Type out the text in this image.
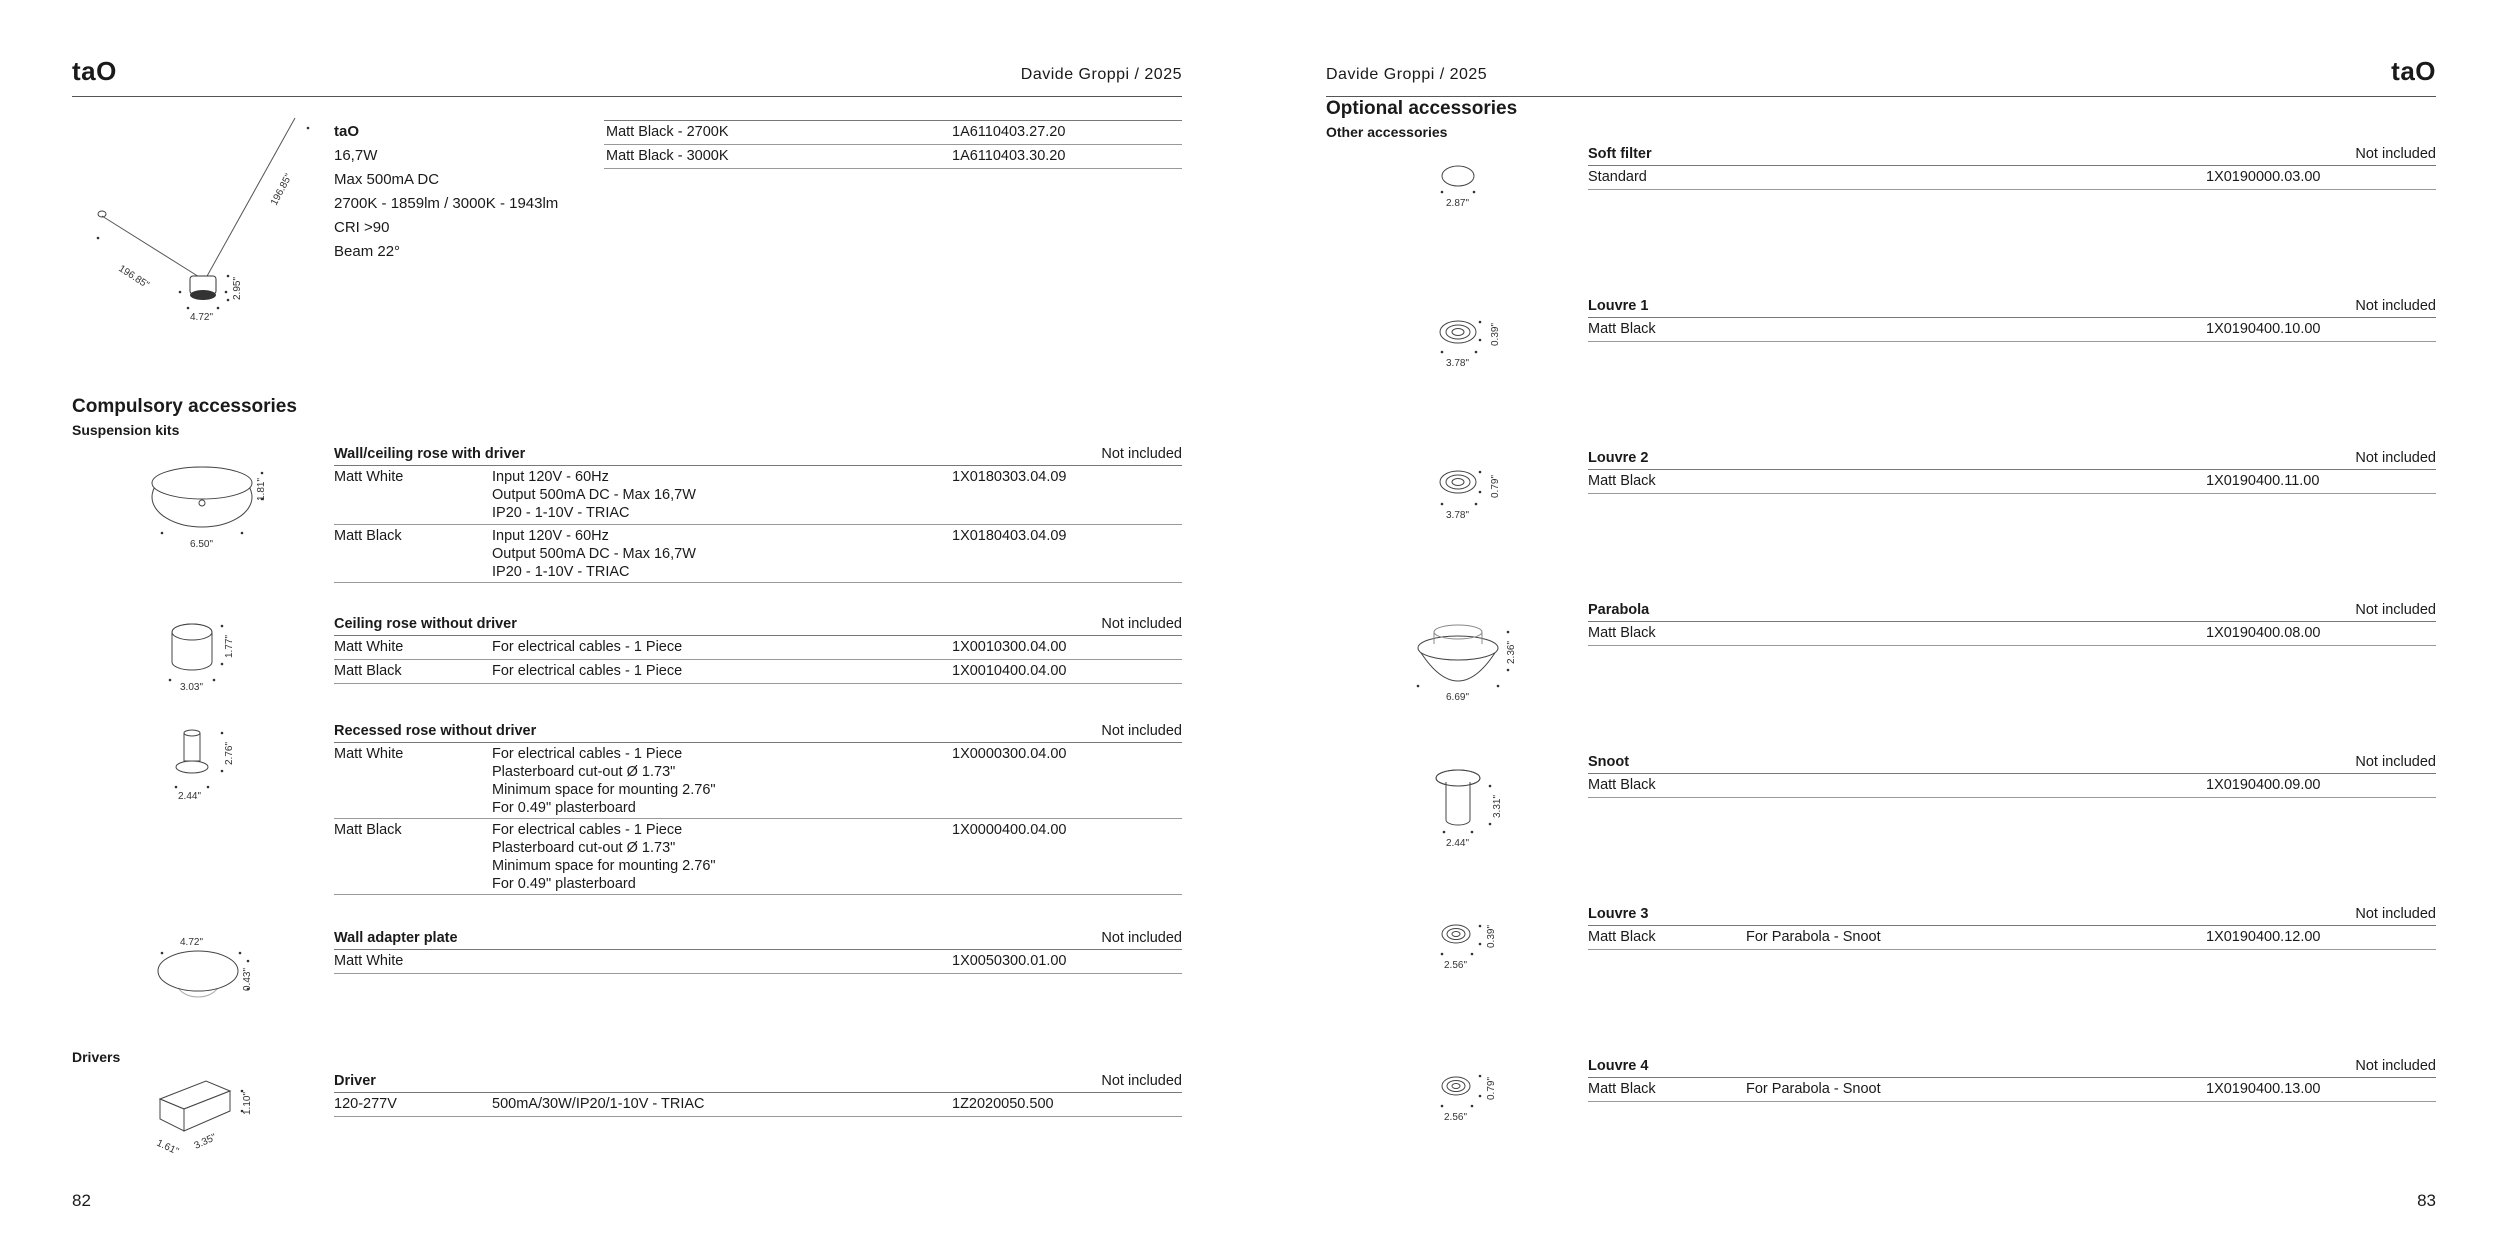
taO	Davide Groppi / 2025
196.85"
196.85"	2.95"
4.72"
taO
16,7W
Max 500mA DC
2700K - 1859lm / 3000K - 1943lm
CRI >90
Beam 22°
Matt Black - 2700K	1A6110403.27.20
Matt Black - 3000K	1A6110403.30.20
Compulsory accessories
Suspension kits
1.81"
6.50"
Wall/ceiling rose with driver	Not included
Matt White	Input 120V - 60Hz
Output 500mA DC - Max 16,7W
IP20 - 1-10V - TRIAC
1X0180303.04.09
Matt Black	Input 120V - 60Hz
Output 500mA DC - Max 16,7W
IP20 - 1-10V - TRIAC
1X0180403.04.09
1.77"
3.03"
Ceiling rose without driver	Not included
Matt White	For electrical cables - 1 Piece	1X0010300.04.00
Matt Black	For electrical cables - 1 Piece	1X0010400.04.00
2.76"
2.44"
Recessed rose without driver	Not included
Matt White	For electrical cables - 1 Piece
Plasterboard cut-out Ø 1.73"
Minimum space for mounting 2.76"
For 0.49" plasterboard
1X0000300.04.00
Matt Black	For electrical cables - 1 Piece
Plasterboard cut-out Ø 1.73"
Minimum space for mounting 2.76"
For 0.49" plasterboard
1X0000400.04.00
4.72"
0.43"
Wall adapter plate	Not included
Matt White	1X0050300.01.00
Drivers
1.10"
1.61" 3.35"
Driver	Not included
120-277V	500mA/30W/IP20/1-10V - TRIAC	1Z2020050.500
82
Davide Groppi / 2025	taO
Optional accessories
Other accessories
2.87"
Soft filter	Not included
Standard	1X0190000.03.00
0.39"
3.78"
Louvre 1	Not included
Matt Black	1X0190400.10.00
0.79"
3.78"
Louvre 2	Not included
Matt Black	1X0190400.11.00
2.36"
6.69"
Parabola	Not included
Matt Black	1X0190400.08.00
3.31"
2.44"
Snoot	Not included
Matt Black	1X0190400.09.00
0.39"
2.56"
Louvre 3	Not included
Matt Black	For Parabola - Snoot	1X0190400.12.00
0.79"
2.56"
Louvre 4	Not included
Matt Black	For Parabola - Snoot	1X0190400.13.00
83
